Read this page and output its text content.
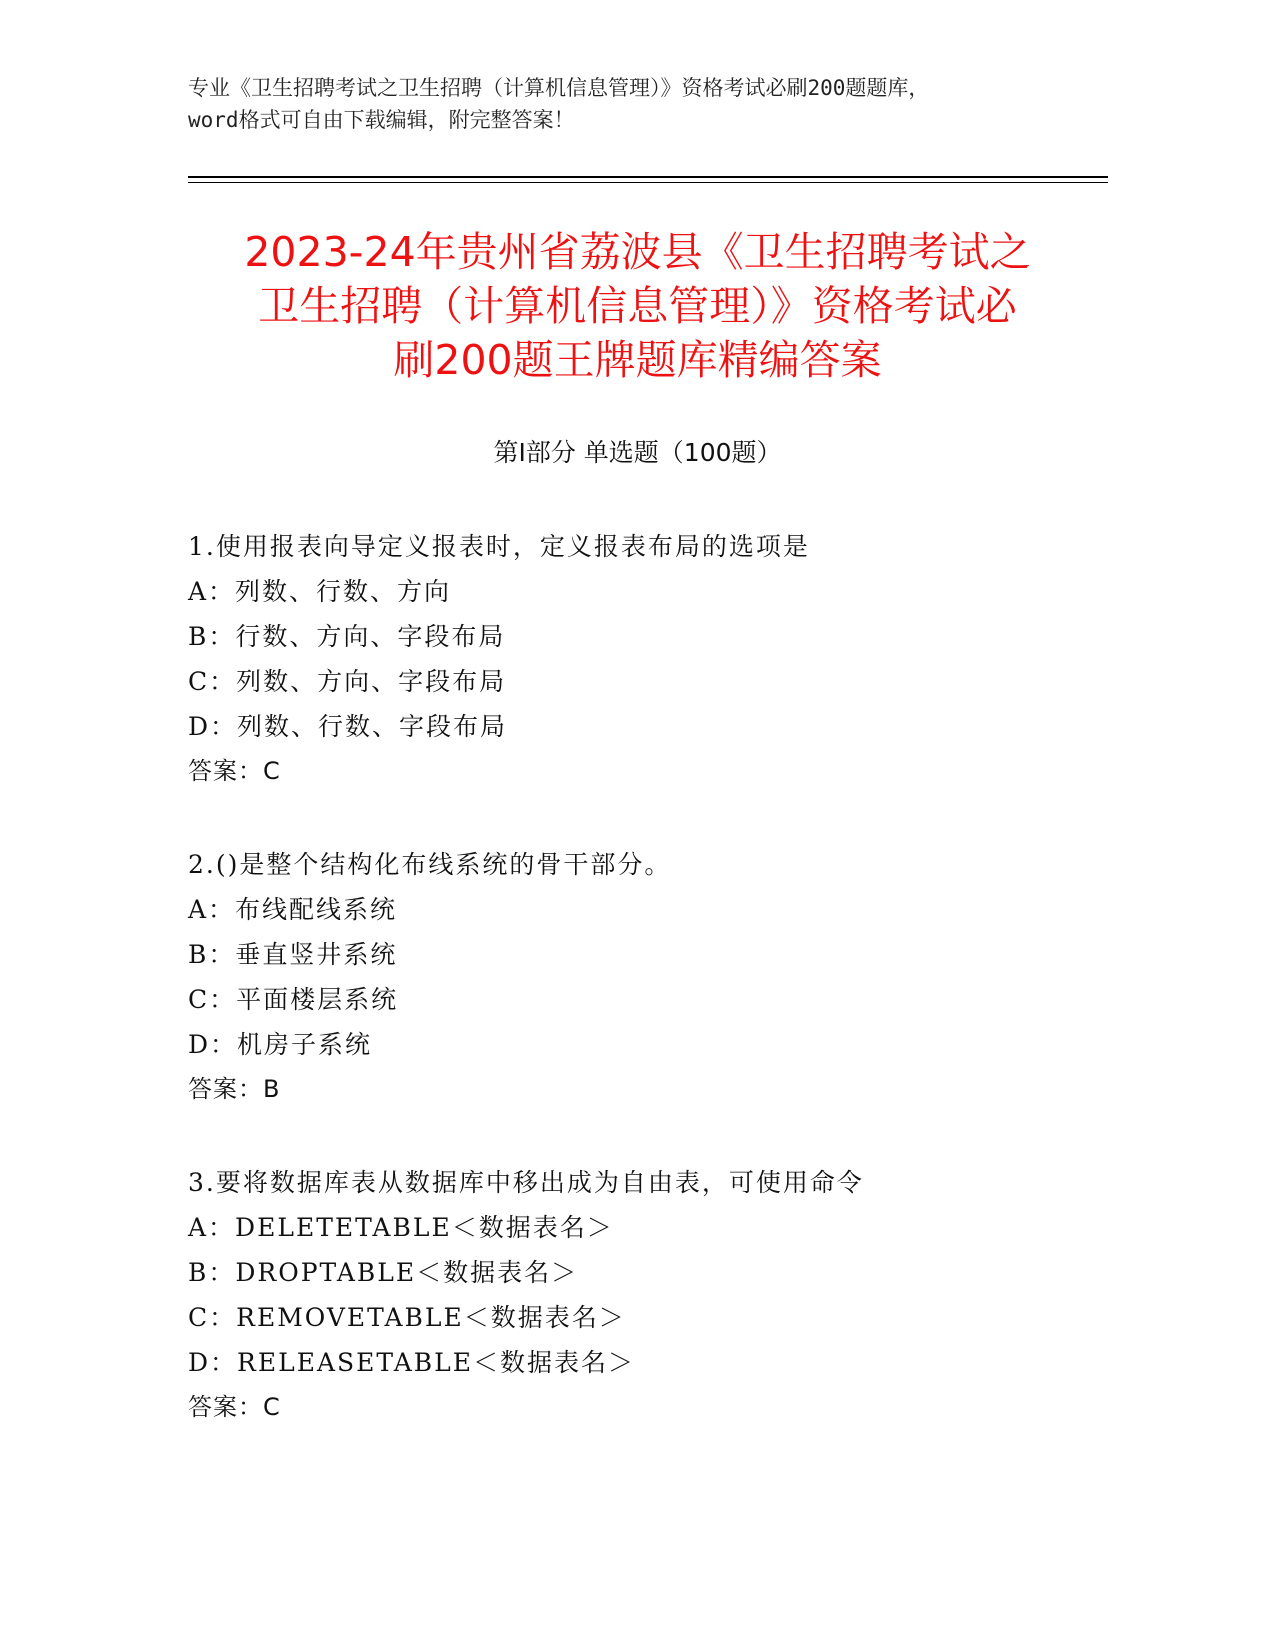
专业《卫生招聘考试之卫生招聘（计算机信息管理）》资格考试必刷200题题库，
word格式可自由下载编辑，附完整答案！
2023-24年贵州省荔波县《卫生招聘考试之
卫生招聘（计算机信息管理）》资格考试必
刷200题王牌题库精编答案
第Ⅰ部分 单选题（100题）
1.使用报表向导定义报表时，定义报表布局的选项是
A：列数、行数、方向
B：行数、方向、字段布局
C：列数、方向、字段布局
D：列数、行数、字段布局
答案：C
2.()是整个结构化布线系统的骨干部分。
A：布线配线系统
B：垂直竖井系统
C：平面楼层系统
D：机房子系统
答案：B
3.要将数据库表从数据库中移出成为自由表，可使用命令
A：DELETETABLE＜数据表名＞
B：DROPTABLE＜数据表名＞
C：REMOVETABLE＜数据表名＞
D：RELEASETABLE＜数据表名＞
答案：C
